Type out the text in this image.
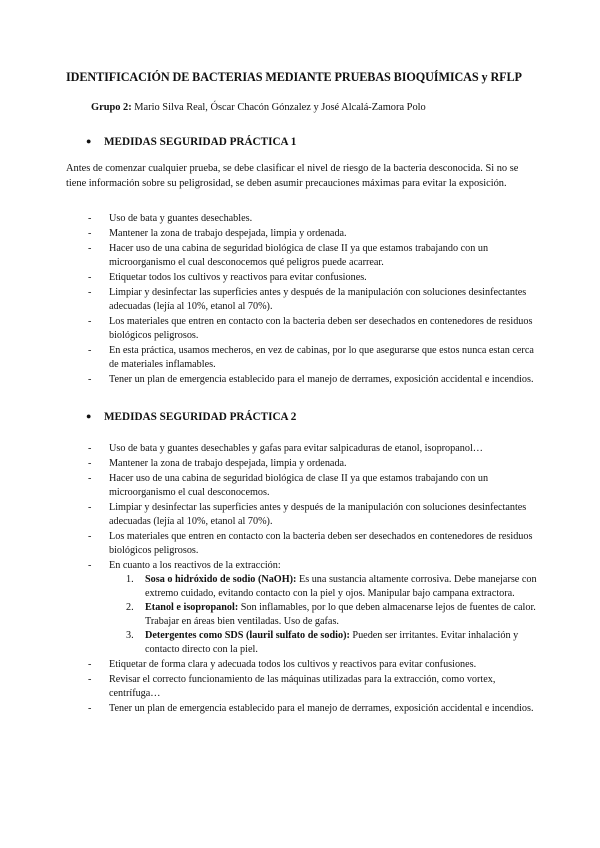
IDENTIFICACIÓN DE BACTERIAS MEDIANTE PRUEBAS BIOQUÍMICAS y RFLP
Grupo 2: Mario Silva Real, Óscar Chacón Gónzalez y José Alcalá-Zamora Polo
● MEDIDAS SEGURIDAD PRÁCTICA 1
Antes de comenzar cualquier prueba, se debe clasificar el nivel de riesgo de la bacteria desconocida. Si no se tiene información sobre su peligrosidad, se deben asumir precauciones máximas para evitar la exposición.
- Uso de bata y guantes desechables.
- Mantener la zona de trabajo despejada, limpia y ordenada.
- Hacer uso de una cabina de seguridad biológica de clase II ya que estamos trabajando con un microorganismo el cual desconocemos qué peligros puede acarrear.
- Etiquetar todos los cultivos y reactivos para evitar confusiones.
- Limpiar y desinfectar las superficies antes y después de la manipulación con soluciones desinfectantes adecuadas (lejía al 10%, etanol al 70%).
- Los materiales que entren en contacto con la bacteria deben ser desechados en contenedores de residuos biológicos peligrosos.
- En esta práctica, usamos mecheros, en vez de cabinas, por lo que asegurarse que estos nunca estan cerca de materiales inflamables.
- Tener un plan de emergencia establecido para el manejo de derrames, exposición accidental e incendios.
● MEDIDAS SEGURIDAD PRÁCTICA 2
- Uso de bata y guantes desechables y gafas para evitar salpicaduras de etanol, isopropanol…
- Mantener la zona de trabajo despejada, limpia y ordenada.
- Hacer uso de una cabina de seguridad biológica de clase II ya que estamos trabajando con un microorganismo el cual desconocemos.
- Limpiar y desinfectar las superficies antes y después de la manipulación con soluciones desinfectantes adecuadas (lejía al 10%, etanol al 70%).
- Los materiales que entren en contacto con la bacteria deben ser desechados en contenedores de residuos biológicos peligrosos.
- En cuanto a los reactivos de la extracción:
1. Sosa o hidróxido de sodio (NaOH): Es una sustancia altamente corrosiva. Debe manejarse con extremo cuidado, evitando contacto con la piel y ojos. Manipular bajo campana extractora.
2. Etanol e isopropanol: Son inflamables, por lo que deben almacenarse lejos de fuentes de calor. Trabajar en áreas bien ventiladas. Uso de gafas.
3. Detergentes como SDS (lauril sulfato de sodio): Pueden ser irritantes. Evitar inhalación y contacto directo con la piel.
- Etiquetar de forma clara y adecuada todos los cultivos y reactivos para evitar confusiones.
- Revisar el correcto funcionamiento de las máquinas utilizadas para la extracción, como vortex, centrífuga…
- Tener un plan de emergencia establecido para el manejo de derrames, exposición accidental e incendios.
